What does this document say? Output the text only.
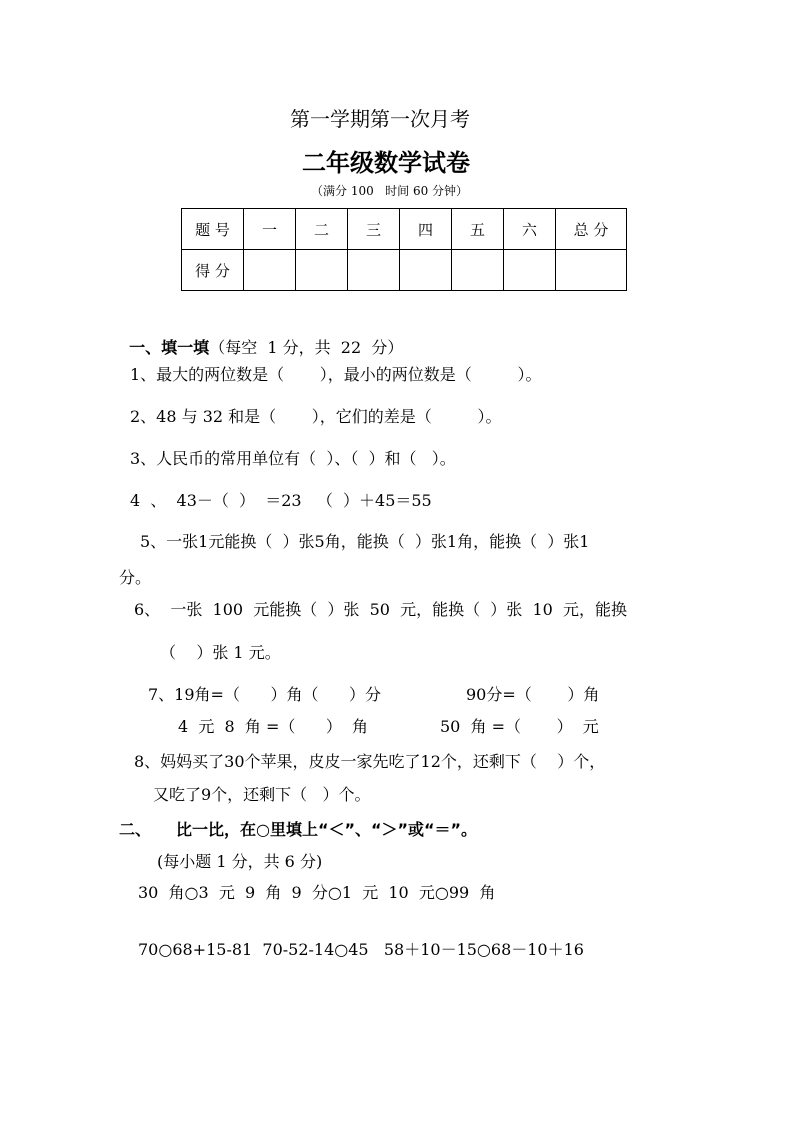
第一学期第一次月考
二年级数学试卷
（满分 100   时间 60 分钟）
题 号	一	二	三	四	五	六	总 分
得 分							

一、填一填（每空  1 分，共  22  分）

1、最大的两位数是（       ），最小的两位数是（         ）。
2、48 与 32 和是（       ），它们的差是（         ）。
3、人民币的常用单位有（  ）、（  ）和（   ）。
4  、  43－（  ）  ＝23   （  ）＋45＝55
5、一张1元能换（  ）张5角，能换（  ）张1角，能换（  ）张1
分。
6、  一张  100  元能换（  ）张  50  元，能换（  ）张  10  元，能换
（    ）张 1 元。
7、19角=（      ）角（      ）分	90分=（       ）角
4  元  8  角 =（      ）  角	50  角 =（       ）  元
8、妈妈买了30个苹果，皮皮一家先吃了12个，还剩下（    ）个，
又吃了9个，还剩下（   ）个。
二、 比一比，在○里填上“＜”、“＞”或“＝”。
(每小题 1 分，共 6 分)
30  角○3  元  9  角  9  分○1  元  10  元○99  角
70○68+15-81  70-52-14○45   58＋10－15○68－10＋16
